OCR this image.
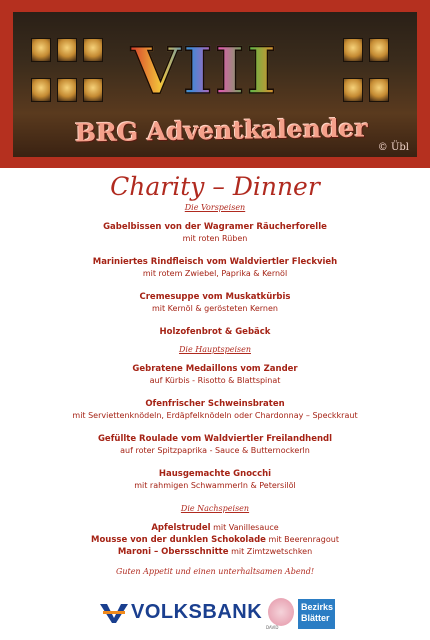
VIII
BRG Adventkalender © Übl
Charity – Dinner
Die Vorspeisen
Gabelbissen von der Wagramer Räucherforelle
mit roten Rüben
Mariniertes Rindfleisch vom Waldviertler Fleckvieh
mit rotem Zwiebel, Paprika & Kernöl
Cremesuppe vom Muskatkürbis
mit Kernöl & gerösteten Kernen
Holzofenbrot & Gebäck
Die Hauptspeisen
Gebratene Medaillons vom Zander
auf Kürbis - Risotto & Blattspinat
Ofenfrischer Schweinsbraten
mit Serviettenknödeln, Erdäpfelknödeln oder Chardonnay – Speckkraut
Gefüllte Roulade vom Waldviertler Freilandhendl
auf roter Spitzpaprika - Sauce & Butternockerln
Hausgemachte Gnocchi
mit rahmigen Schwammerln & Petersilöl
Die Nachspeisen
Apfelstrudel mit Vanillesauce
Mousse von der dunklen Schokolade mit Beerenragout
Maroni – Obersschnitte mit Zimtzwetschken
Guten Appetit und einen unterhaltsamen Abend!
VOLKSBANK
DAVID
Bezirks
Blätter
